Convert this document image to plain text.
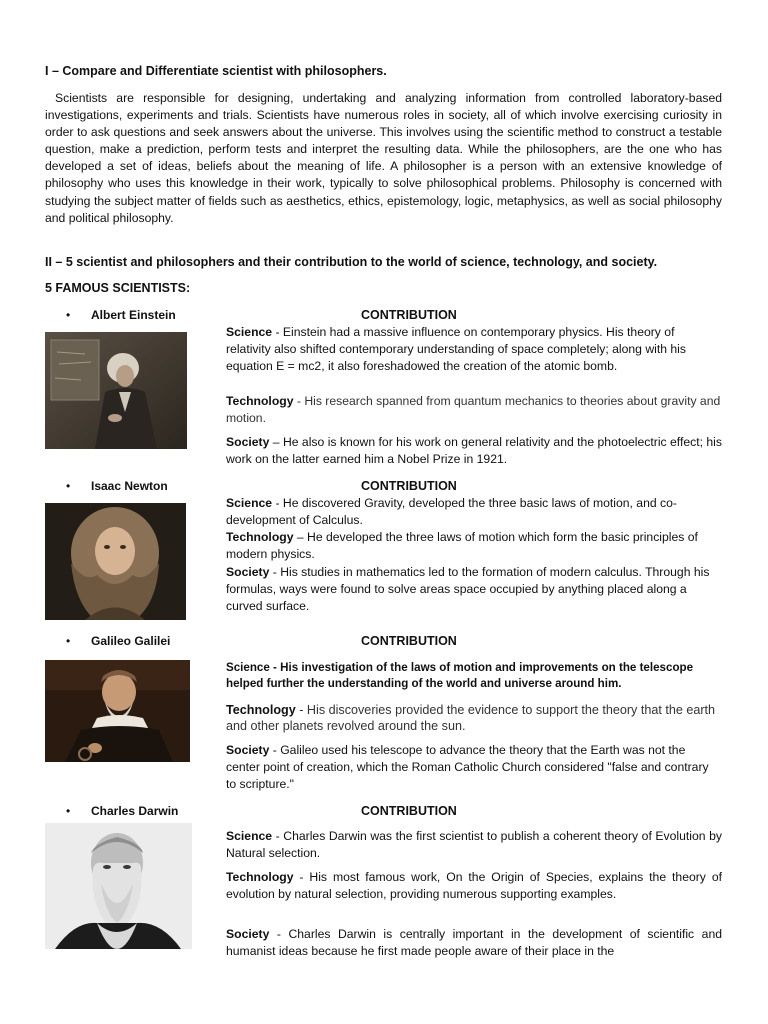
I – Compare and Differentiate scientist with philosophers.

Scientists are responsible for designing, undertaking and analyzing information from controlled laboratory-based investigations, experiments and trials. Scientists have numerous roles in society, all of which involve exercising curiosity in order to ask questions and seek answers about the universe. This involves using the scientific method to construct a testable question, make a prediction, perform tests and interpret the resulting data. While the philosophers, are the one who has developed a set of ideas, beliefs about the meaning of life. A philosopher is a person with an extensive knowledge of philosophy who uses this knowledge in their work, typically to solve philosophical problems. Philosophy is concerned with studying the subject matter of fields such as aesthetics, ethics, epistemology, logic, metaphysics, as well as social philosophy and political philosophy.

II – 5 scientist and philosophers and their contribution to the world of science, technology, and society.
5 FAMOUS SCIENTISTS:
• Albert Einstein	CONTRIBUTION

Science - Einstein had a massive influence on contemporary physics. His theory of relativity also shifted contemporary understanding of space completely; along with his equation E = mc2, it also foreshadowed the creation of the atomic bomb.

Technology - His research spanned from quantum mechanics to theories about gravity and motion.

Society – He also is known for his work on general relativity and the photoelectric effect; his work on the latter earned him a Nobel Prize in 1921.

• Isaac Newton	CONTRIBUTION

Science - He discovered Gravity, developed the three basic laws of motion, and co-development of Calculus.

Technology – He developed the three laws of motion which form the basic principles of modern physics.

Society - His studies in mathematics led to the formation of modern calculus. Through his formulas, ways were found to solve areas space occupied by anything placed along a curved surface.

• Galileo Galilei	CONTRIBUTION

Science - His investigation of the laws of motion and improvements on the telescope helped further the understanding of the world and universe around him.

Technology - His discoveries provided the evidence to support the theory that the earth and other planets revolved around the sun.

Society - Galileo used his telescope to advance the theory that the Earth was not the center point of creation, which the Roman Catholic Church considered "false and contrary to scripture."

• Charles Darwin	CONTRIBUTION

Science - Charles Darwin was the first scientist to publish a coherent theory of Evolution by Natural selection.

Technology - His most famous work, On the Origin of Species, explains the theory of evolution by natural selection, providing numerous supporting examples.

Society - Charles Darwin is centrally important in the development of scientific and humanist ideas because he first made people aware of their place in the
